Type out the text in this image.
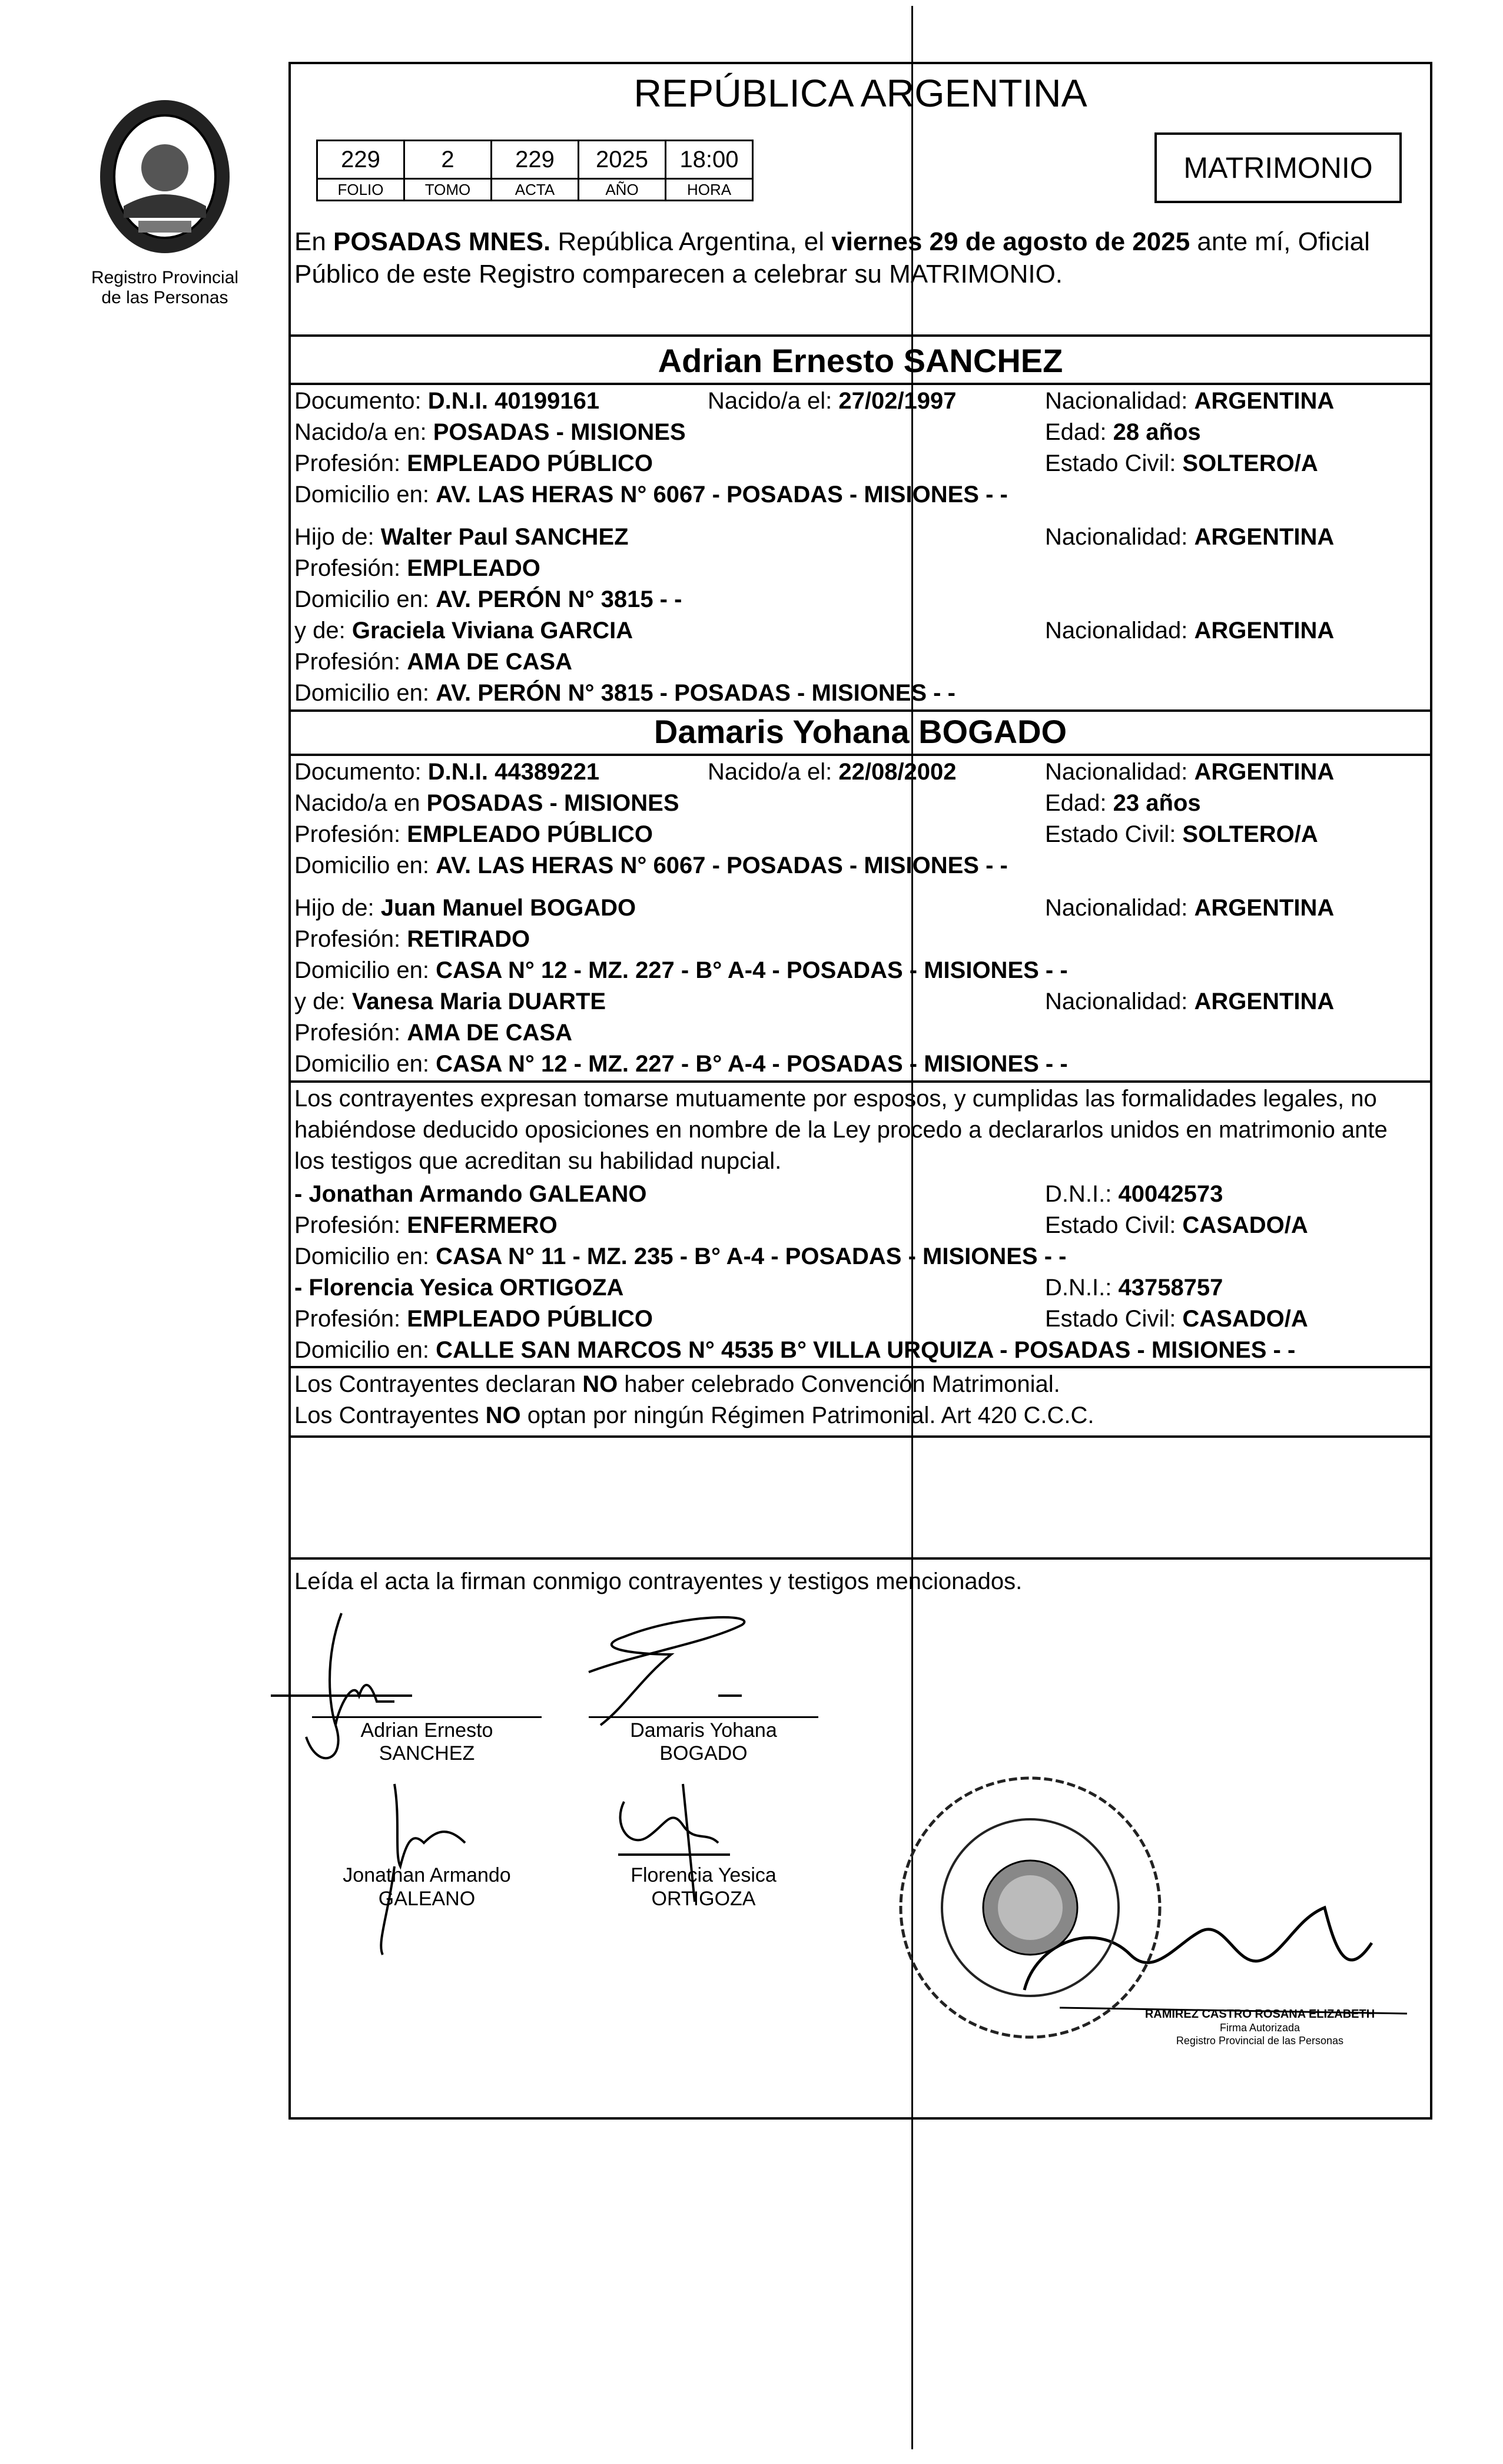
Registro Provincial
de las Personas
REPÚBLICA ARGENTINA
229	2	229	2025	18:00
FOLIO	TOMO	ACTA	AÑO	HORA
MATRIMONIO
En POSADAS MNES. República Argentina, el viernes 29 de agosto de 2025 ante mí, Oficial
Público de este Registro comparecen a celebrar su MATRIMONIO.
Adrian Ernesto SANCHEZ
Documento: D.N.I. 40199161	Nacido/a el: 27/02/1997	Nacionalidad: ARGENTINA
Nacido/a en: POSADAS - MISIONES	Edad: 28 años
Profesión: EMPLEADO PÚBLICO	Estado Civil: SOLTERO/A
Domicilio en: AV. LAS HERAS N° 6067 - POSADAS - MISIONES - -
Hijo de: Walter Paul SANCHEZ	Nacionalidad: ARGENTINA
Profesión: EMPLEADO
Domicilio en: AV. PERÓN N° 3815 - -
y de: Graciela Viviana GARCIA	Nacionalidad: ARGENTINA
Profesión: AMA DE CASA
Domicilio en: AV. PERÓN N° 3815 - POSADAS - MISIONES - -
Damaris Yohana BOGADO
Documento: D.N.I. 44389221	Nacido/a el: 22/08/2002	Nacionalidad: ARGENTINA
Nacido/a en POSADAS - MISIONES	Edad: 23 años
Profesión: EMPLEADO PÚBLICO	Estado Civil: SOLTERO/A
Domicilio en: AV. LAS HERAS N° 6067 - POSADAS - MISIONES - -
Hijo de: Juan Manuel BOGADO	Nacionalidad: ARGENTINA
Profesión: RETIRADO
Domicilio en: CASA N° 12 - MZ. 227 - B° A-4 - POSADAS - MISIONES - -
y de: Vanesa Maria DUARTE	Nacionalidad: ARGENTINA
Profesión: AMA DE CASA
Domicilio en: CASA N° 12 - MZ. 227 - B° A-4 - POSADAS - MISIONES - -
Los contrayentes expresan tomarse mutuamente por esposos, y cumplidas las formalidades legales, no
habiéndose deducido oposiciones en nombre de la Ley procedo a declararlos unidos en matrimonio ante
los testigos que acreditan su habilidad nupcial.
- Jonathan Armando GALEANO	D.N.I.: 40042573
Profesión: ENFERMERO	Estado Civil: CASADO/A
Domicilio en: CASA N° 11 - MZ. 235 - B° A-4 - POSADAS - MISIONES - -
- Florencia Yesica ORTIGOZA	D.N.I.: 43758757
Profesión: EMPLEADO PÚBLICO	Estado Civil: CASADO/A
Domicilio en: CALLE SAN MARCOS N° 4535 B° VILLA URQUIZA - POSADAS - MISIONES - -
Los Contrayentes declaran NO haber celebrado Convención Matrimonial.
Los Contrayentes NO optan por ningún Régimen Patrimonial. Art 420 C.C.C.
Leída el acta la firman conmigo contrayentes y testigos mencionados.
Adrian Ernesto SANCHEZ
Damaris Yohana BOGADO
Jonathan Armando
GALEANO
Florencia Yesica
ORTIGOZA
RAMIREZ CASTRO ROSANA ELIZABETH
Firma Autorizada
Registro Provincial de las Personas
